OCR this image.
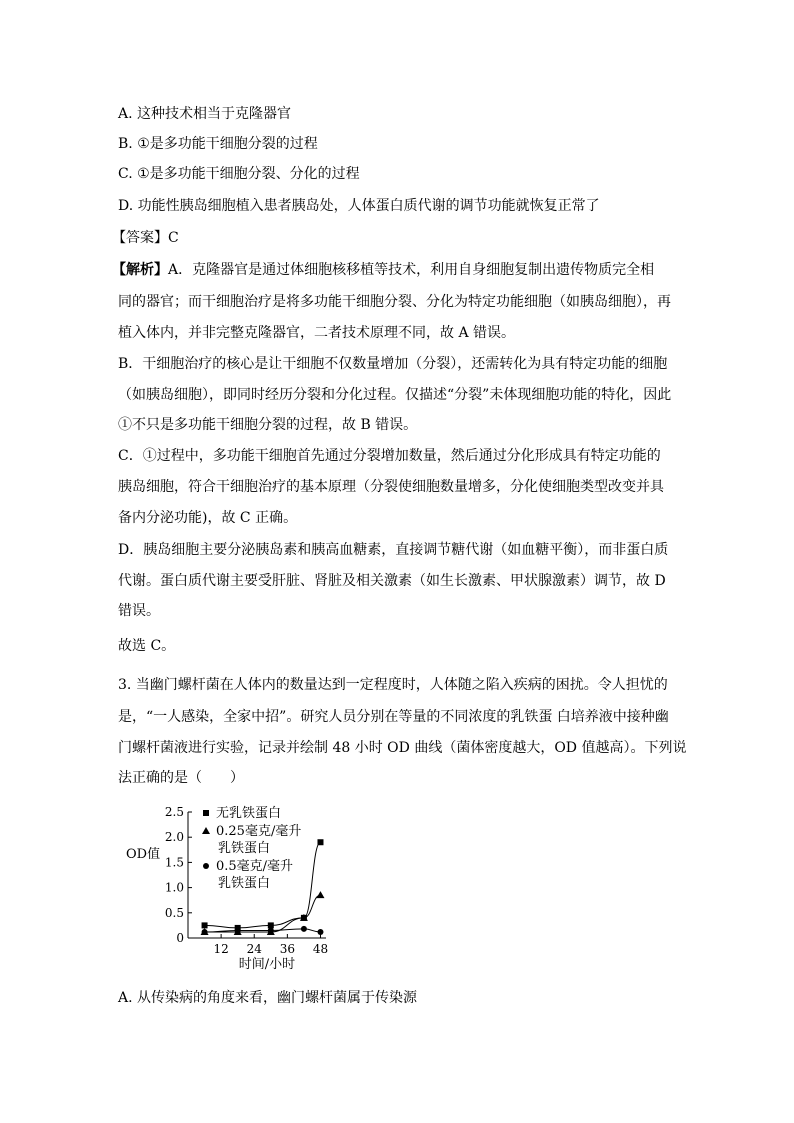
A. 这种技术相当于克隆器官
B. ①是多功能干细胞分裂的过程
C. ①是多功能干细胞分裂、分化的过程
D. 功能性胰岛细胞植入患者胰岛处，人体蛋白质代谢的调节功能就恢复正常了
【答案】C
【解析】A．克隆器官是通过体细胞核移植等技术，利用自身细胞复制出遗传物质完全相
同的器官；而干细胞治疗是将多功能干细胞分裂、分化为特定功能细胞（如胰岛细胞），再
植入体内，并非完整克隆器官，二者技术原理不同，故 A 错误。
B．干细胞治疗的核心是让干细胞不仅数量增加（分裂），还需转化为具有特定功能的细胞
（如胰岛细胞），即同时经历分裂和分化过程。仅描述“分裂”未体现细胞功能的特化，因此
①不只是多功能干细胞分裂的过程，故 B 错误。
C．①过程中，多功能干细胞首先通过分裂增加数量，然后通过分化形成具有特定功能的
胰岛细胞，符合干细胞治疗的基本原理（分裂使细胞数量增多，分化使细胞类型改变并具
备内分泌功能)，故 C 正确。
D．胰岛细胞主要分泌胰岛素和胰高血糖素，直接调节糖代谢（如血糖平衡），而非蛋白质
代谢。蛋白质代谢主要受肝脏、肾脏及相关激素（如生长激素、甲状腺激素）调节，故 D
错误。
故选 C。
3. 当幽门螺杆菌在人体内的数量达到一定程度时，人体随之陷入疾病的困扰。令人担忧的
是，“一人感染，全家中招”。研究人员分别在等量的不同浓度的乳铁蛋 白培养液中接种幽
门螺杆菌液进行实验，记录并绘制 48 小时 OD 曲线（菌体密度越大，OD 值越高）。下列说
法正确的是（　　）
0
0.5
1.0
1.5
2.0
2.5
12 24 36 48
OD值
时间/小时
无乳铁蛋白
0.25毫克/毫升
乳铁蛋白
0.5毫克/毫升
乳铁蛋白
A. 从传染病的角度来看，幽门螺杆菌属于传染源
